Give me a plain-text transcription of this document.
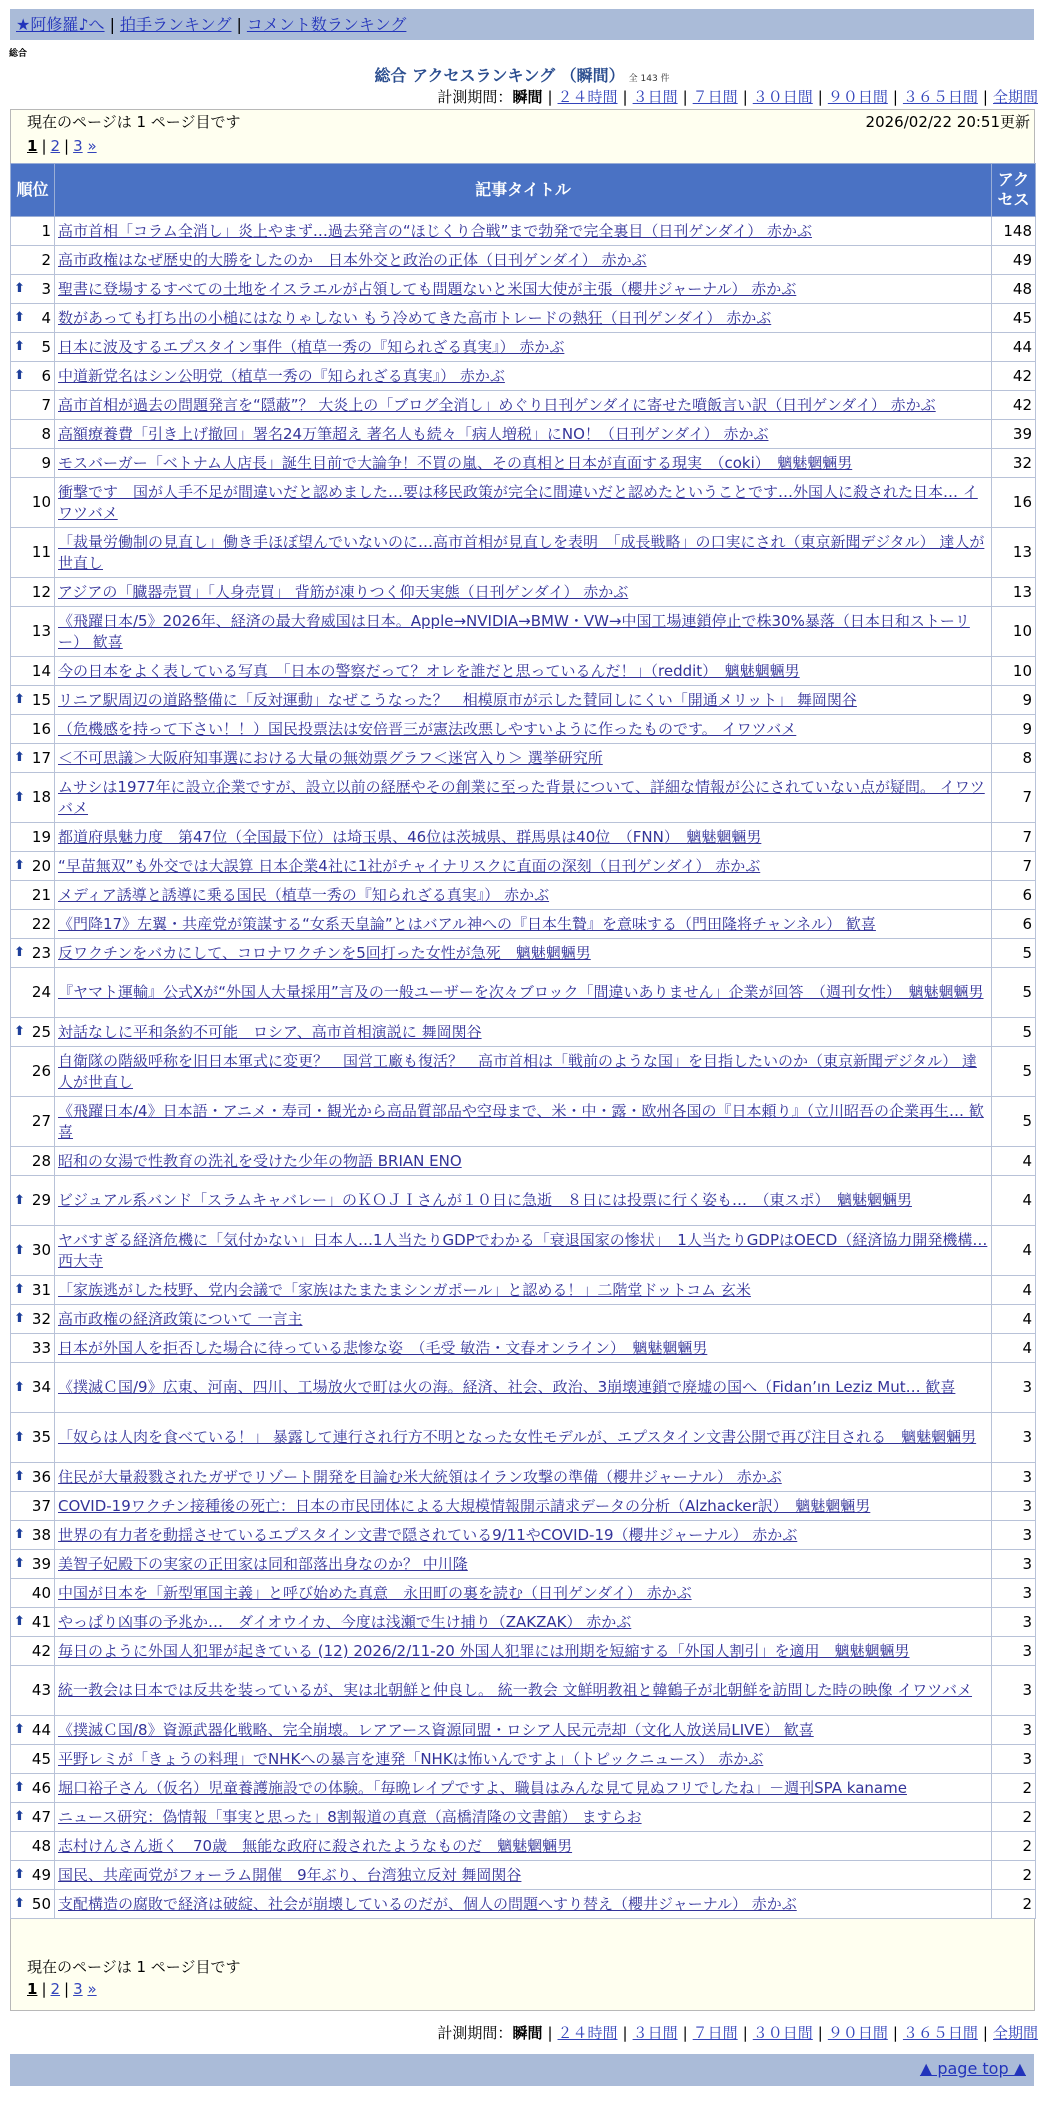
★阿修羅♪へ | 拍手ランキング | コメント数ランキング
総合
総合 アクセスランキング （瞬間） 全 143 件
計測期間：瞬間 | ２４時間 | ３日間 | ７日間 | ３０日間 | ９０日間 | ３６５日間 | 全期間
現在のページは 1 ページ目です	2026/02/22 20:51更新
1 | 2 | 3 »
順位	記事タイトル	アクセス
1	高市首相「コラム全消し」炎上やまず…過去発言の“ほじくり合戦”まで勃発で完全裏目（日刊ゲンダイ） 赤かぶ	148
2	高市政権はなぜ歴史的大勝をしたのか　日本外交と政治の正体（日刊ゲンダイ） 赤かぶ	49

⬆ 3	聖書に登場するすべての土地をイスラエルが占領しても問題ないと米国大使が主張（櫻井ジャーナル） 赤かぶ	48

⬆ 4	数があっても打ち出の小槌にはなりゃしない もう冷めてきた高市トレードの熱狂（日刊ゲンダイ） 赤かぶ	45

⬆ 5	日本に波及するエプスタイン事件（植草一秀の『知られざる真実』） 赤かぶ	44

⬆ 6	中道新党名はシン公明党（植草一秀の『知られざる真実』） 赤かぶ	42
7	高市首相が過去の問題発言を“隠蔽”？ 大炎上の「ブログ全消し」めぐり日刊ゲンダイに寄せた噴飯言い訳（日刊ゲンダイ） 赤かぶ	42
8	高額療養費「引き上げ撤回」署名24万筆超え 著名人も続々「病人増税」にNO！（日刊ゲンダイ） 赤かぶ	39
9	モスバーガー「ベトナム人店長」誕生目前で大論争！不買の嵐、その真相と日本が直面する現実　（coki）　魑魅魍魎男	32
10	衝撃です　国が人手不足が間違いだと認めました…要は移民政策が完全に間違いだと認めたということです…外国人に殺された日本… イワツバメ	16
11	「裁量労働制の見直し」働き手ほぼ望んでいないのに…高市首相が見直しを表明　「成長戦略」の口実にされ（東京新聞デジタル） 達人が世直し	13
12	アジアの「臓器売買」「人身売買」 背筋が凍りつく仰天実態（日刊ゲンダイ） 赤かぶ	13
13	《飛躍日本/5》2026年、経済の最大脅威国は日本。Apple→NVIDIA→BMW・VW→中国工場連鎖停止で株30%暴落（日本日和ストーリー） 歓喜	10
14	今の日本をよく表している写真　「日本の警察だって？オレを誰だと思っているんだ！」（reddit）　魑魅魍魎男	10

⬆ 15	リニア駅周辺の道路整備に「反対運動」なぜこうなった？　相模原市が示した賛同しにくい「開通メリット」 舞岡関谷	9
16	（危機感を持って下さい！！）国民投票法は安倍晋三が憲法改悪しやすいように作ったものです。 イワツバメ	9

⬆ 17	＜不可思議＞大阪府知事選における大量の無効票グラフ＜迷宮入り＞ 選挙研究所	8

⬆ 18	ムサシは1977年に設立企業ですが、設立以前の経歴やその創業に至った背景について、詳細な情報が公にされていない点が疑問。 イワツバメ	7
19	都道府県魅力度　第47位（全国最下位）は埼玉県、46位は茨城県、群馬県は40位　（FNN）　魑魅魍魎男	7

⬆ 20	“早苗無双”も外交では大誤算 日本企業4社に1社がチャイナリスクに直面の深刻（日刊ゲンダイ） 赤かぶ	7
21	メディア誘導と誘導に乗る国民（植草一秀の『知られざる真実』） 赤かぶ	6
22	《門降17》左翼・共産党が策謀する“女系天皇論”とはバアル神への『日本生贄』を意味する（門田隆将チャンネル） 歓喜	6

⬆ 23	反ワクチンをバカにして、コロナワクチンを5回打った女性が急死　魑魅魍魎男	5
24	『ヤマト運輸』公式Xが“外国人大量採用”言及の一般ユーザーを次々ブロック「間違いありません」企業が回答　（週刊女性）　魑魅魍魎男	5

⬆ 25	対話なしに平和条約不可能　ロシア、高市首相演説に 舞岡関谷	5
26	自衛隊の階級呼称を旧日本軍式に変更？　国営工廠も復活？　高市首相は「戦前のような国」を目指したいのか（東京新聞デジタル） 達人が世直し	5
27	《飛躍日本/4》日本語・アニメ・寿司・観光から高品質部品や空母まで、米・中・露・欧州各国の『日本頼り』（立川昭吾の企業再生… 歓喜	5
28	昭和の女湯で性教育の洗礼を受けた少年の物語 BRIAN ENO	4

⬆ 29	ビジュアル系バンド「スラムキャバレー」のＫＯＪＩさんが１０日に急逝　８日には投票に行く姿も…　（東スポ）　魑魅魍魎男	4

⬆ 30	ヤバすぎる経済危機に「気付かない」日本人…1人当たりGDPでわかる「衰退国家の惨状」　1人当たりGDPはOECD（経済協力開発機構… 西大寺	4

⬆ 31	「家族逃がした枝野、党内会議で「家族はたまたまシンガポール」と認める！」二階堂ドットコム 玄米	4

⬆ 32	高市政権の経済政策について 一言主	4
33	日本が外国人を拒否した場合に待っている悲惨な姿　（毛受 敏浩・文春オンライン）　魑魅魍魎男	4

⬆ 34	《撲滅Ｃ国/9》広東、河南、四川、工場放火で町は火の海。経済、社会、政治、3崩壊連鎖で廃墟の国へ（Fidan’ın Leziz Mut… 歓喜	3

⬆ 35	「奴らは人肉を食べている！」 暴露して連行され行方不明となった女性モデルが、エプスタイン文書公開で再び注目される　魑魅魍魎男	3

⬆ 36	住民が大量殺戮されたガザでリゾート開発を目論む米大統領はイラン攻撃の準備（櫻井ジャーナル） 赤かぶ	3
37	COVID-19ワクチン接種後の死亡：日本の市民団体による大規模情報開示請求データの分析（Alzhacker訳）　魑魅魍魎男	3

⬆ 38	世界の有力者を動揺させているエプスタイン文書で隠されている9/11やCOVID-19（櫻井ジャーナル） 赤かぶ	3

⬆ 39	美智子妃殿下の実家の正田家は同和部落出身なのか？ 中川隆	3
40	中国が日本を「新型軍国主義」と呼び始めた真意　永田町の裏を読む（日刊ゲンダイ） 赤かぶ	3

⬆ 41	やっぱり凶事の予兆か…　ダイオウイカ、今度は浅瀬で生け捕り（ZAKZAK） 赤かぶ	3
42	毎日のように外国人犯罪が起きている (12) 2026/2/11-20 外国人犯罪には刑期を短縮する「外国人割引」を適用　魑魅魍魎男	3
43	統一教会は日本では反共を装っているが、実は北朝鮮と仲良し。 統一教会 文鮮明教祖と韓鶴子が北朝鮮を訪問した時の映像 イワツバメ	3

⬆ 44	《撲滅Ｃ国/8》資源武器化戦略、完全崩壊。レアアース資源同盟・ロシア人民元売却（文化人放送局LIVE） 歓喜	3
45	平野レミが「きょうの料理」でNHKへの暴言を連発「NHKは怖いんですよ」（トピックニュース） 赤かぶ	3

⬆ 46	堀口裕子さん（仮名）児童養護施設での体験。「毎晩レイプですよ、職員はみんな見て見ぬフリでしたね」－週刊SPA kaname	2

⬆ 47	ニュース研究：偽情報「事実と思った」8割報道の真意（高橋清隆の文書館） ますらお	2
48	志村けんさん逝く　70歳　無能な政府に殺されたようなものだ　魑魅魍魎男	2

⬆ 49	国民、共産両党がフォーラム開催　9年ぶり、台湾独立反対 舞岡関谷	2

⬆ 50	支配構造の腐敗で経済は破綻、社会が崩壊しているのだが、個人の問題へすり替え（櫻井ジャーナル） 赤かぶ	2
現在のページは 1 ページ目です
1 | 2 | 3 »
計測期間：瞬間 | ２４時間 | ３日間 | ７日間 | ３０日間 | ９０日間 | ３６５日間 | 全期間
▲ page top ▲
